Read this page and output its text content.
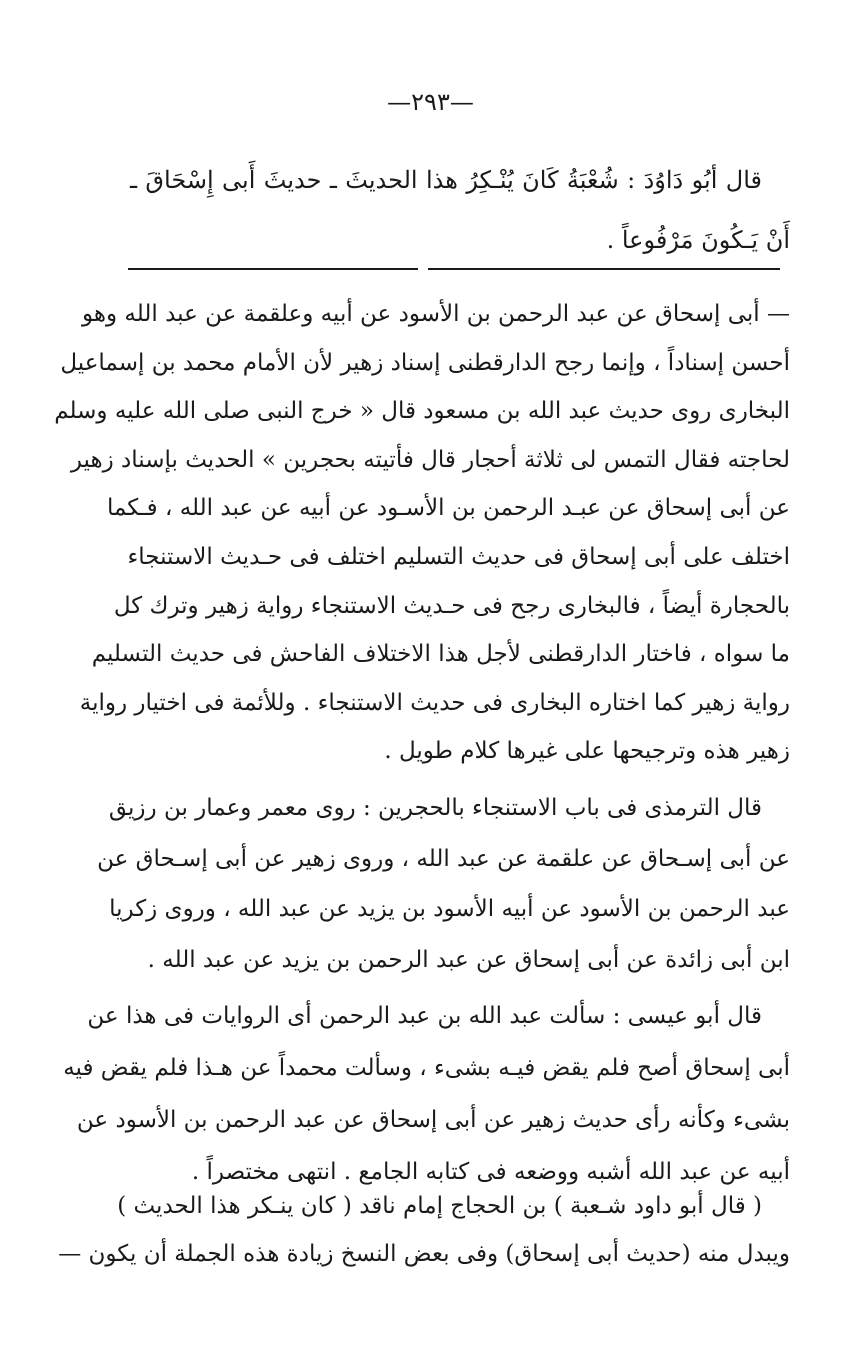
—٢٩٣—
قال أبُو دَاوُدَ : شُعْبَةُ كَانَ يُنْـكِرُ هذا الحديثَ ـ حديثَ أَبى إِسْحَاقَ ـ
أَنْ يَـكُونَ مَرْفُوعاً .
— أبى إسحاق عن عبد الرحمن بن الأسود عن أبيه وعلقمة عن عبد الله وهو
أحسن إسناداً ، وإنما رجح الدارقطنى إسناد زهير لأن الأمام محمد بن إسماعيل
البخارى روى حديث عبد الله بن مسعود قال « خرج النبى صلى الله عليه وسلم
لحاجته فقال التمس لى ثلاثة أحجار قال فأتيته بحجرين » الحديث بإسناد زهير
عن أبى إسحاق عن عبـد الرحمن بن الأسـود عن أبيه عن عبد الله ، فـكما
اختلف على أبى إسحاق فى حديث التسليم اختلف فى حـديث الاستنجاء
بالحجارة أيضاً ، فالبخارى رجح فى حـديث الاستنجاء رواية زهير وترك كل
ما سواه ، فاختار الدارقطنى لأجل هذا الاختلاف الفاحش فى حديث التسليم
رواية زهير كما اختاره البخارى فى حديث الاستنجاء . وللأئمة فى اختيار رواية
زهير هذه وترجيحها على غيرها كلام طويل .
قال الترمذى فى باب الاستنجاء بالحجرين : روى معمر وعمار بن رزيق
عن أبى إسـحاق عن علقمة عن عبد الله ، وروى زهير عن أبى إسـحاق عن
عبد الرحمن بن الأسود عن أبيه الأسود بن يزيد عن عبد الله ، وروى زكريا
ابن أبى زائدة عن أبى إسحاق عن عبد الرحمن بن يزيد عن عبد الله .
قال أبو عيسى : سألت عبد الله بن عبد الرحمن أى الروايات فى هذا عن
أبى إسحاق أصح فلم يقض فيـه بشىء ، وسألت محمداً عن هـذا فلم يقض فيه
بشىء وكأنه رأى حديث زهير عن أبى إسحاق عن عبد الرحمن بن الأسود عن
أبيه عن عبد الله أشبه ووضعه فى كتابه الجامع . انتهى مختصراً .
( قال أبو داود شـعبة ) بن الحجاج إمام ناقد ( كان ينـكر هذا الحديث )
ويبدل منه (حديث أبى إسحاق) وفى بعض النسخ زيادة هذه الجملة أن يكون —
